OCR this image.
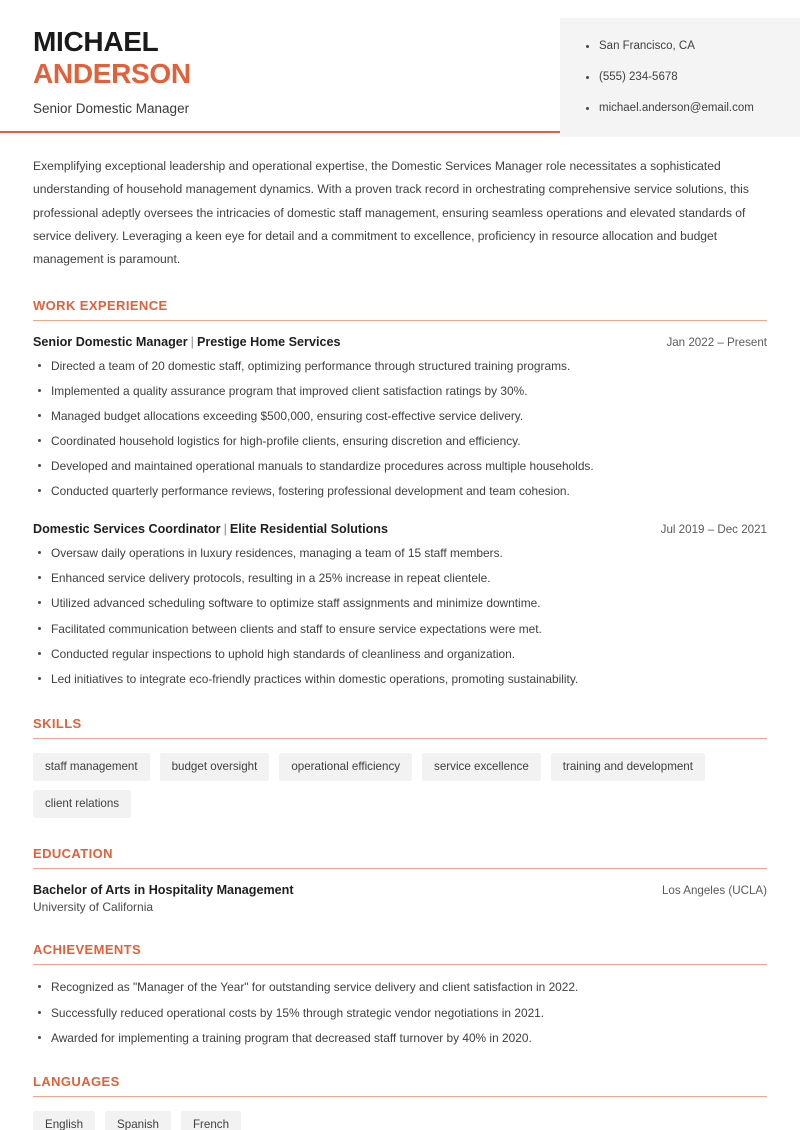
MICHAEL
ANDERSON
Senior Domestic Manager
San Francisco, CA
(555) 234-5678
michael.anderson@email.com

Exemplifying exceptional leadership and operational expertise, the Domestic Services Manager role necessitates a sophisticated understanding of household management dynamics. With a proven track record in orchestrating comprehensive service solutions, this professional adeptly oversees the intricacies of domestic staff management, ensuring seamless operations and elevated standards of service delivery. Leveraging a keen eye for detail and a commitment to excellence, proficiency in resource allocation and budget management is paramount.

WORK EXPERIENCE
Senior Domestic Manager | Prestige Home Services	Jan 2022 – Present
Directed a team of 20 domestic staff, optimizing performance through structured training programs.
Implemented a quality assurance program that improved client satisfaction ratings by 30%.
Managed budget allocations exceeding $500,000, ensuring cost-effective service delivery.
Coordinated household logistics for high-profile clients, ensuring discretion and efficiency.
Developed and maintained operational manuals to standardize procedures across multiple households.
Conducted quarterly performance reviews, fostering professional development and team cohesion.
Domestic Services Coordinator | Elite Residential Solutions	Jul 2019 – Dec 2021
Oversaw daily operations in luxury residences, managing a team of 15 staff members.
Enhanced service delivery protocols, resulting in a 25% increase in repeat clientele.
Utilized advanced scheduling software to optimize staff assignments and minimize downtime.
Facilitated communication between clients and staff to ensure service expectations were met.
Conducted regular inspections to uphold high standards of cleanliness and organization.
Led initiatives to integrate eco-friendly practices within domestic operations, promoting sustainability.
SKILLS
staff management	budget oversight	operational efficiency	service excellence	training and development
client relations
EDUCATION
Bachelor of Arts in Hospitality Management	Los Angeles (UCLA)
University of California
ACHIEVEMENTS
Recognized as "Manager of the Year" for outstanding service delivery and client satisfaction in 2022.
Successfully reduced operational costs by 15% through strategic vendor negotiations in 2021.
Awarded for implementing a training program that decreased staff turnover by 40% in 2020.
LANGUAGES
English	Spanish	French
